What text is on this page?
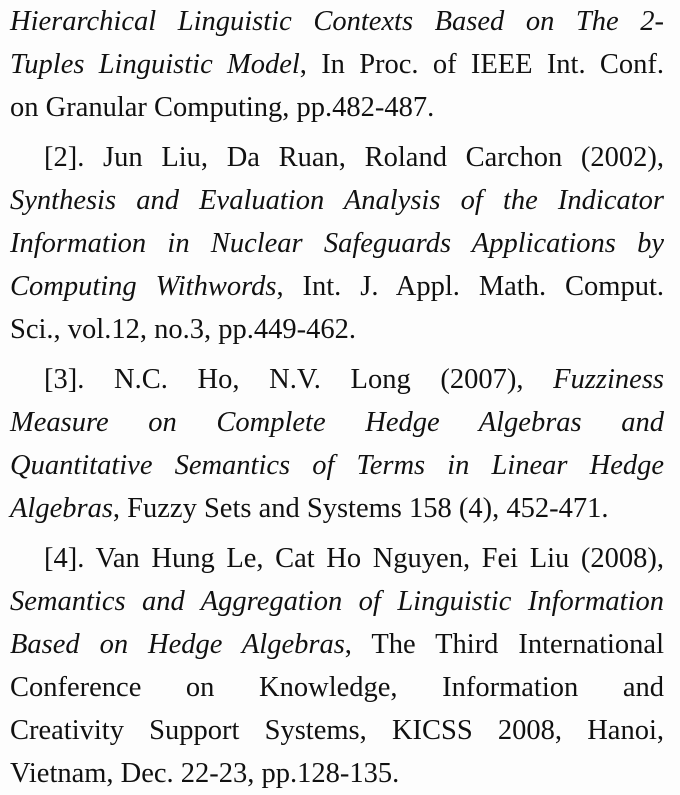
Hierarchical Linguistic Contexts Based on The 2-
Tuples Linguistic Model, In Proc. of IEEE Int. Conf.
on Granular Computing, pp.482-487.
[2]. Jun Liu, Da Ruan, Roland Carchon (2002),
Synthesis and Evaluation Analysis of the Indicator
Information in Nuclear Safeguards Applications by
Computing Withwords, Int. J. Appl. Math. Comput.
Sci., vol.12, no.3, pp.449-462.
[3]. N.C. Ho, N.V. Long (2007), Fuzziness
Measure on Complete Hedge Algebras and
Quantitative Semantics of Terms in Linear Hedge
Algebras, Fuzzy Sets and Systems 158 (4), 452-471.
[4]. Van Hung Le, Cat Ho Nguyen, Fei Liu (2008),
Semantics and Aggregation of Linguistic Information
Based on Hedge Algebras, The Third International
Conference on Knowledge, Information and
Creativity Support Systems, KICSS 2008, Hanoi,
Vietnam, Dec. 22-23, pp.128-135.
